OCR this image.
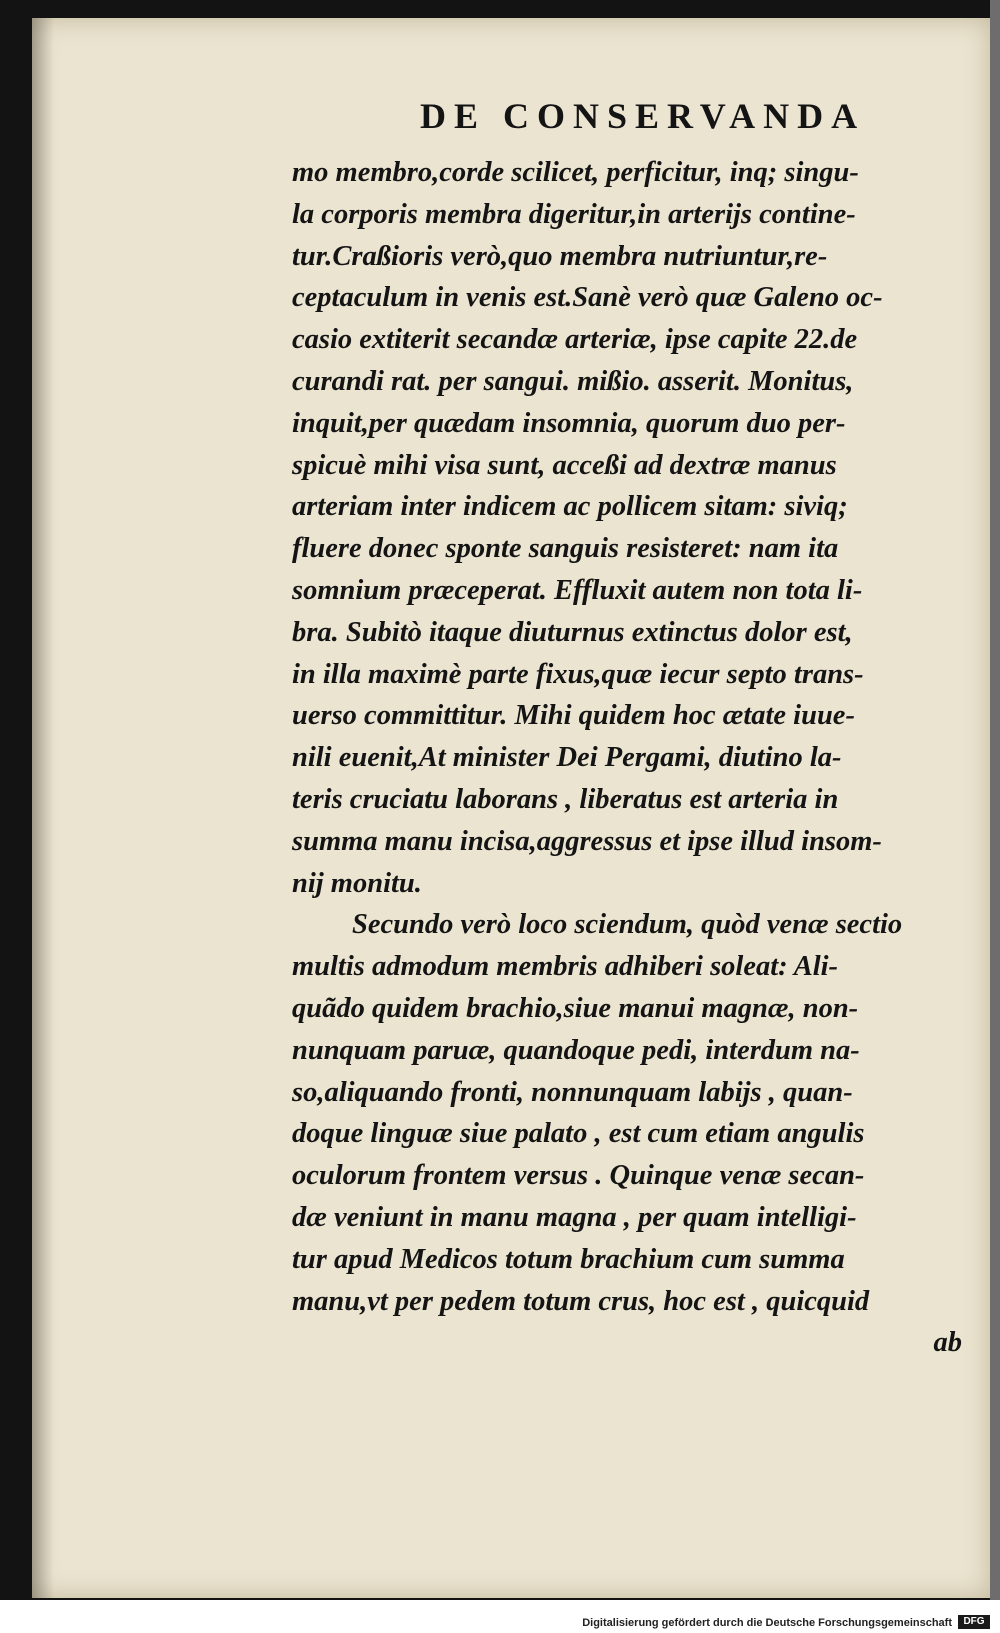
DE CONSERVANDA
mo membro,corde scilicet, perficitur, inq; singu-
la corporis membra digeritur,in arterijs contine-
tur.Craßioris verò,quo membra nutriuntur,re-
ceptaculum in venis est.Sanè verò quæ Galeno oc-
casio extiterit secandæ arteriæ, ipse capite 22.de
curandi rat. per sangui. mißio. asserit. Monitus,
inquit,per quædam insomnia, quorum duo per-
spicuè mihi visa sunt, acceßi ad dextræ manus
arteriam inter indicem ac pollicem sitam: siviq;
fluere donec sponte sanguis resisteret: nam ita
somnium præceperat. Effluxit autem non tota li-
bra. Subitò itaque diuturnus extinctus dolor est,
in illa maximè parte fixus,quæ iecur septo trans-
uerso committitur. Mihi quidem hoc ætate iuue-
nili euenit,At minister Dei Pergami, diutino la-
teris cruciatu laborans , liberatus est arteria in
summa manu incisa,aggressus et ipse illud insom-
nij monitu.
Secundo verò loco sciendum, quòd venæ sectio
multis admodum membris adhiberi soleat: Ali-
quãdo quidem brachio,siue manui magnæ, non-
nunquam paruæ, quandoque pedi, interdum na-
so,aliquando fronti, nonnunquam labijs , quan-
doque linguæ siue palato , est cum etiam angulis
oculorum frontem versus . Quinque venæ secan-
dæ veniunt in manu magna , per quam intelligi-
tur apud Medicos totum brachium cum summa
manu,vt per pedem totum crus, hoc est , quicquid
ab
Digitalisierung gefördert durch die Deutsche Forschungsgemeinschaft	DFG
